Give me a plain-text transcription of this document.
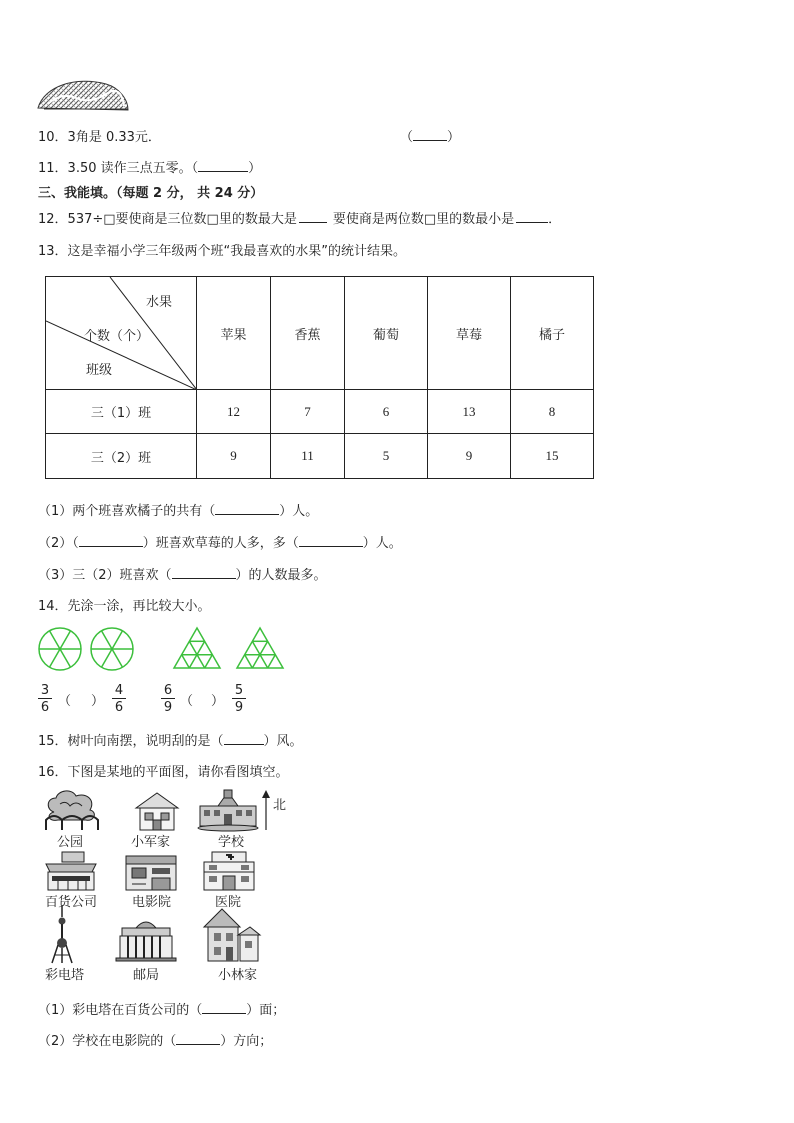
10．3角是 0.33元．	（	）
11．3.50 读作三点五零。（	）
三、我能填。（每题 2 分， 共 24 分）
12．537÷□要使商是三位数□里的数最大是	要使商是两位数□里的数最小是	．
13．这是幸福小学三年级两个班“我最喜欢的水果”的统计结果。
水果
个数（个）
班级	苹果	香蕉	葡萄	草莓	橘子
三（1）班	12	7	6	13	8
三（2）班	9	11	5	9	15
（1）两个班喜欢橘子的共有（	）人。
（2）（	）班喜欢草莓的人多，多（	）人。
（3）三（2）班喜欢（	）的人数最多。
14．先涂一涂，再比较大小。
$\frac{3}{6}$ （ ） $\frac{4}{6}$	$\frac{6}{9}$ （ ） $\frac{5}{9}$
15．树叶向南摆，说明刮的是（	）风。
16．下图是某地的平面图，请你看图填空。
公园	小军家	学校
北
百货公司	电影院	医院
彩电塔	邮局	小林家
（1）彩电塔在百货公司的（	）面；
（2）学校在电影院的（	）方向；
